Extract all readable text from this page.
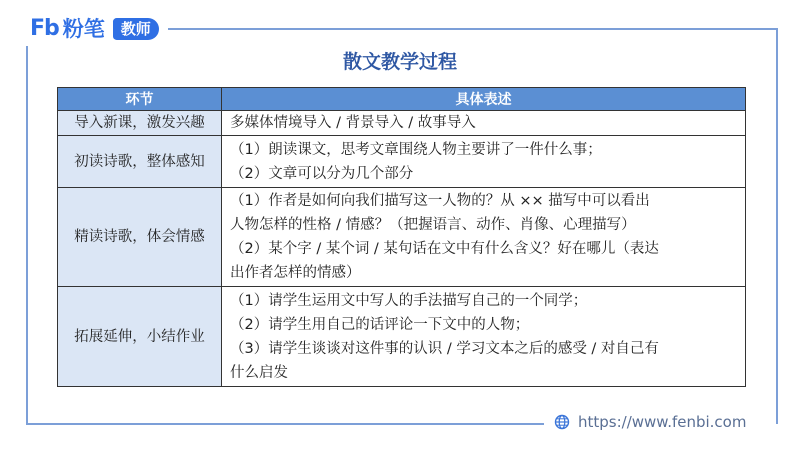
Fb 粉笔	教师
散文教学过程
环节	具体表述
导入新课，激发兴趣	多媒体情境导入 / 背景导入 / 故事导入

初读诗歌，整体感知	（1）朗读课文，思考文章围绕人物主要讲了一件什么事；
（2）文章可以分为几个部分

精读诗歌，体会情感	（1）作者是如何向我们描写这一人物的？从 ×× 描写中可以看出
人物怎样的性格 / 情感？（把握语言、动作、肖像、心理描写）
（2）某个字 / 某个词 / 某句话在文中有什么含义？好在哪儿（表达
出作者怎样的情感）

拓展延伸，小结作业	（1）请学生运用文中写人的手法描写自己的一个同学；
（2）请学生用自己的话评论一下文中的人物；
（3）请学生谈谈对这件事的认识 / 学习文本之后的感受 / 对自己有
什么启发
https://www.fenbi.com
